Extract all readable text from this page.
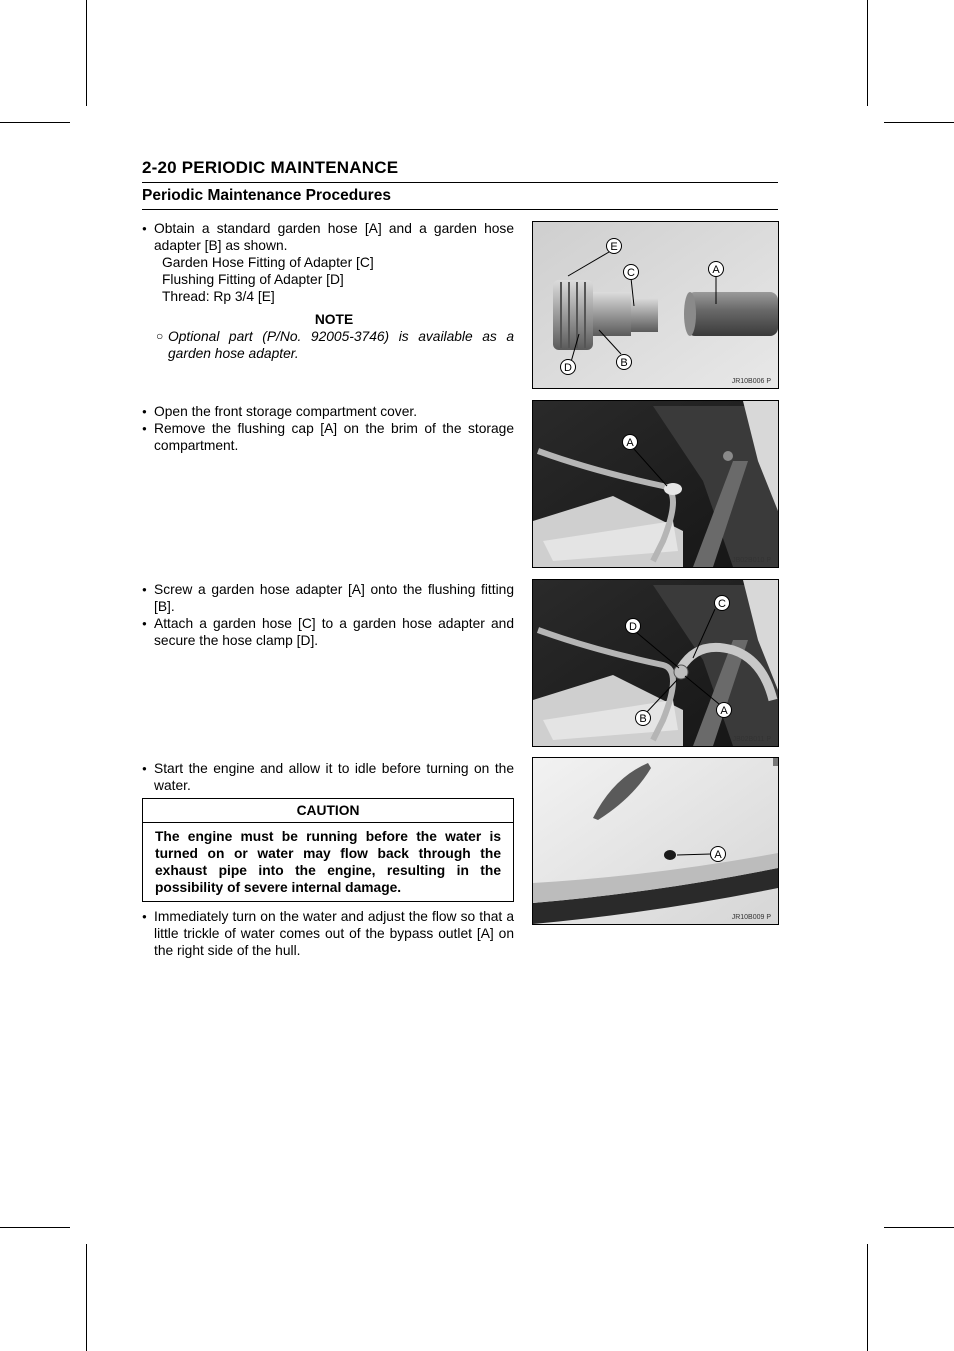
2-20 PERIODIC MAINTENANCE
Periodic Maintenance Procedures
● Obtain a standard garden hose [A] and a garden hose adapter [B] as shown.
Garden Hose Fitting of Adapter [C]
Flushing Fitting of Adapter [D]
Thread: Rp 3/4 [E]
NOTE
○ Optional part (P/No. 92005-3746) is available as a garden hose adapter.
● Open the front storage compartment cover.
● Remove the flushing cap [A] on the brim of the storage compartment.
● Screw a garden hose adapter [A] onto the flushing fitting [B].
● Attach a garden hose [C] to a garden hose adapter and secure the hose clamp [D].
● Start the engine and allow it to idle before turning on the water.
CAUTION
The engine must be running before the water is turned on or water may flow back through the exhaust pipe into the engine, resulting in the possibility of severe internal damage.
● Immediately turn on the water and adjust the flow so that a little trickle of water comes out of the bypass outlet [A] on the right side of the hull.
E
C	A
D	B
JR10B006 P
A
JB02B010 P
C
D
A
B
JB02B011 P
A
JR10B009 P
